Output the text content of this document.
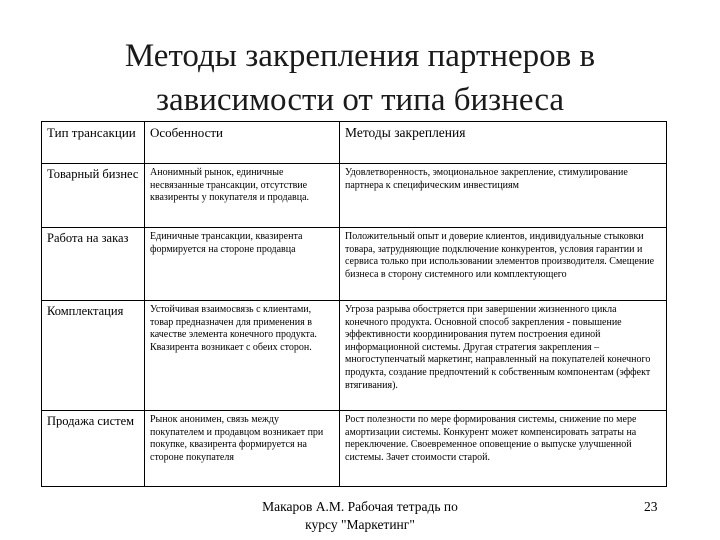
Методы закрепления партнеров в
зависимости от типа бизнеса
Тип трансакции	Особенности	Методы закрепления
Товарный бизнес	Анонимный рынок, единичные несвязанные трансакции, отсутствие квазиренты у покупателя и продавца.	Удовлетворенность, эмоциональное закрепление, стимулирование партнера к специфическим инвестициям
Работа на заказ	Единичные трансакции, квазирента формируется на стороне продавца	Положительный опыт и доверие клиентов, индивидуальные стыковки товара, затрудняющие подключение конкурентов, условия гарантии и сервиса только при использовании элементов производителя. Смещение бизнеса в сторону системного или комплектующего
Комплектация	Устойчивая взаимосвязь с клиентами, товар предназначен для применения в качестве элемента конечного продукта. Квазирента возникает с обеих сторон.	Угроза разрыва обостряется при завершении жизненного цикла конечного продукта. Основной способ закрепления - повышение эффективности координирования путем построения единой информационной системы. Другая стратегия закрепления – многоступенчатый маркетинг, направленный на покупателей конечного продукта, создание предпочтений к собственным компонентам (эффект втягивания).
Продажа систем	Рынок анонимен, связь между покупателем и продавцом возникает при покупке, квазирента формируется на стороне покупателя	Рост полезности по мере формирования системы, снижение по мере амортизации системы. Конкурент может компенсировать затраты на переключение. Своевременное оповещение о выпуске улучшенной системы. Зачет стоимости старой.
Макаров А.М. Рабочая тетрадь по
курсу "Маркетинг"
23
